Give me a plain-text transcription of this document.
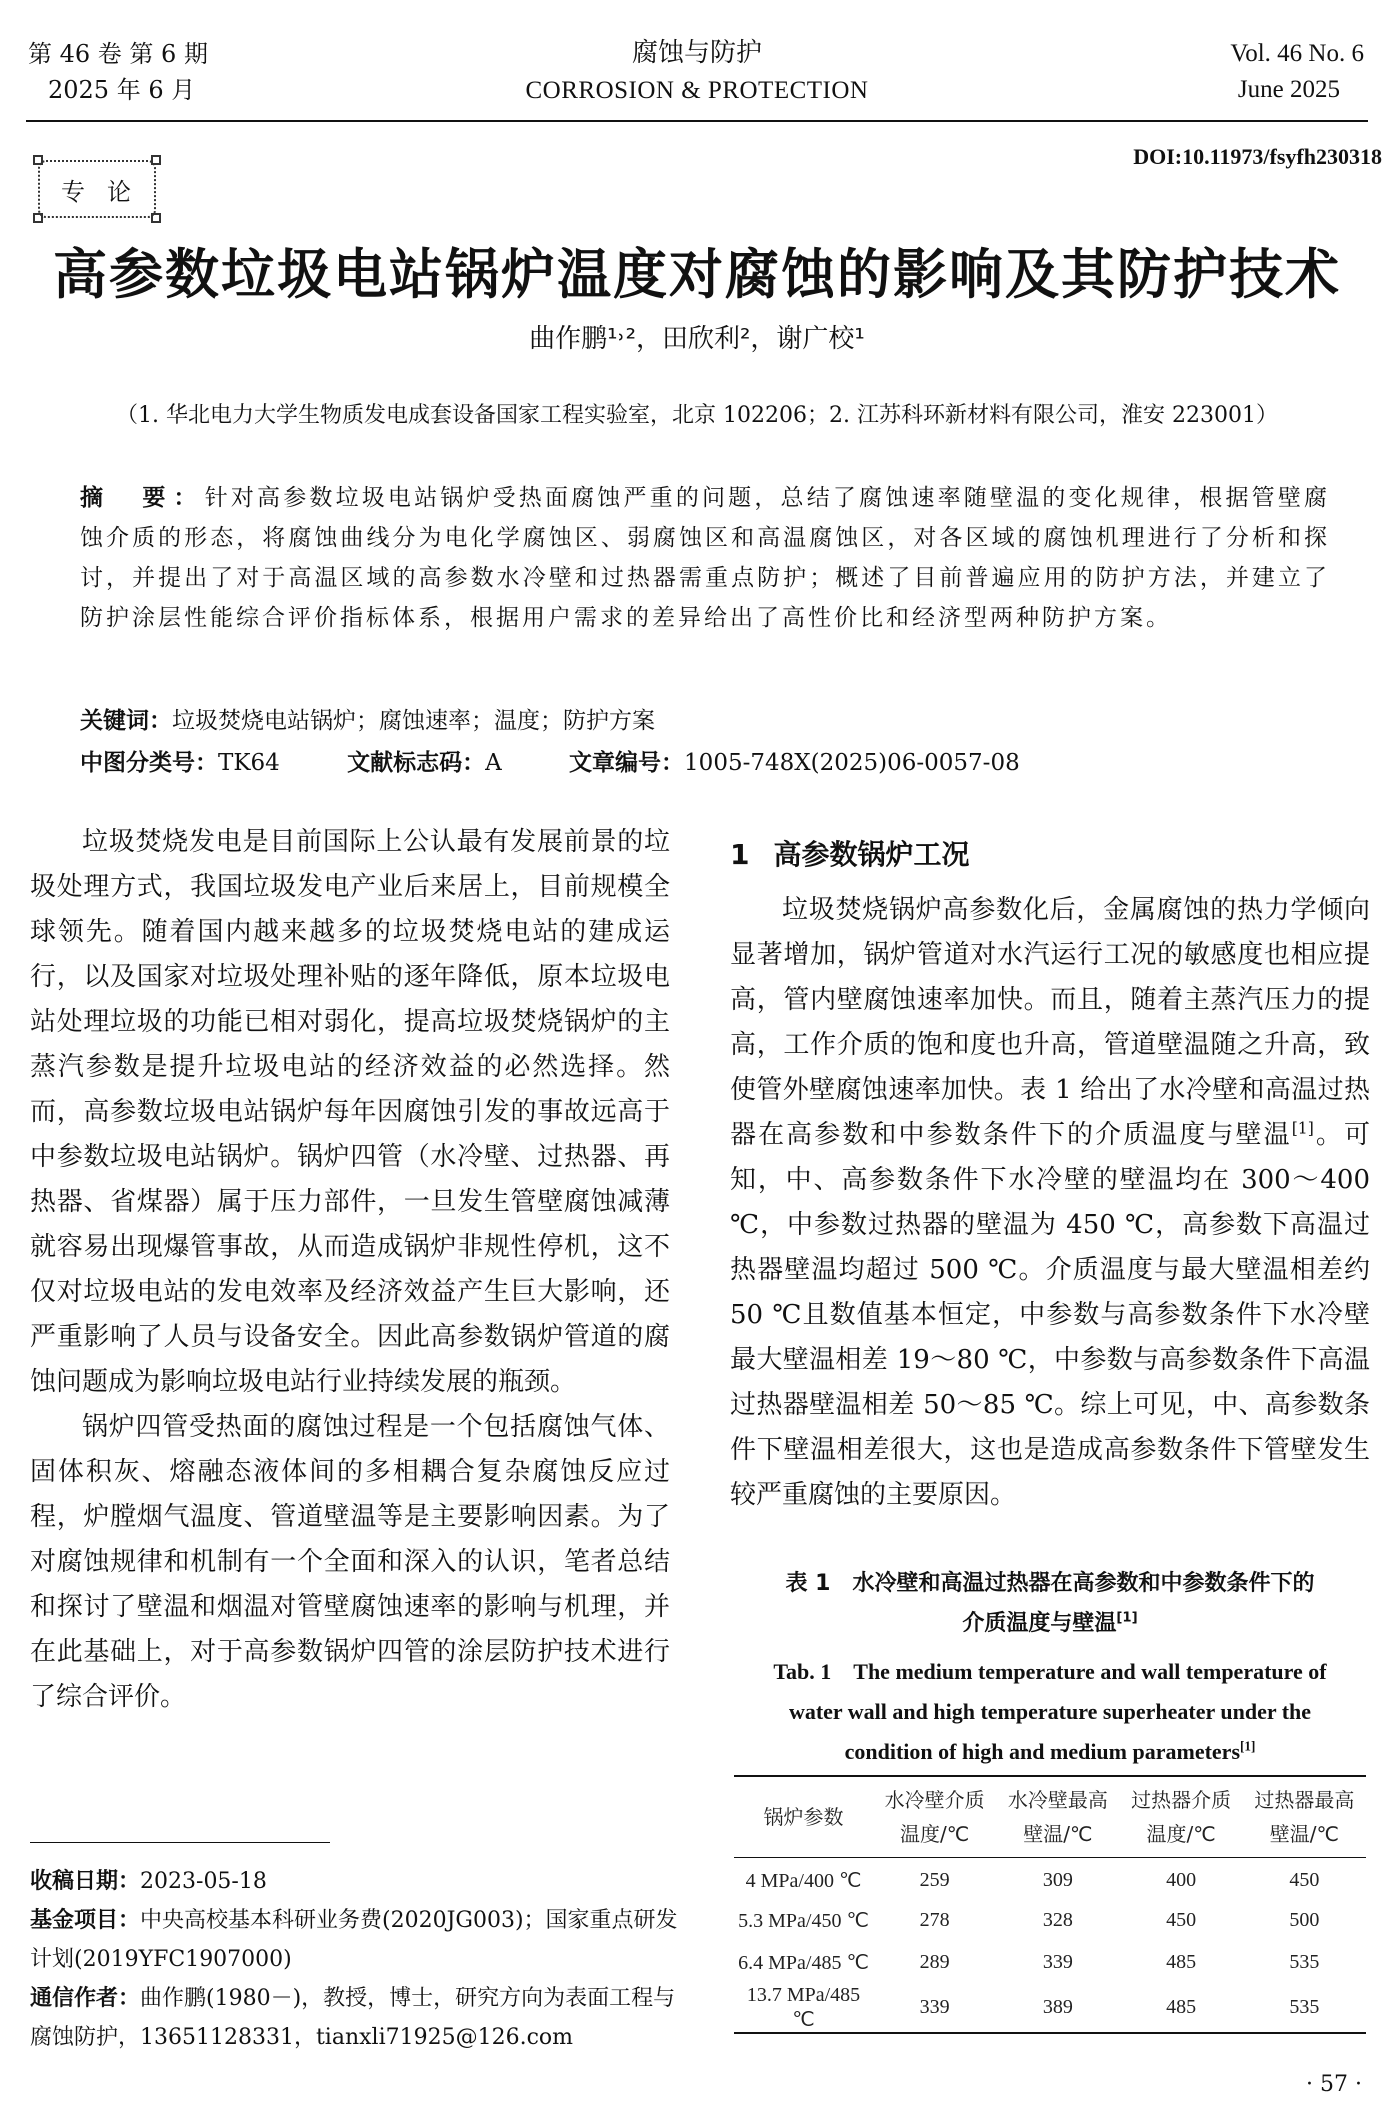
第 46 卷 第 6 期
2025 年 6 月
腐蚀与防护
CORROSION & PROTECTION
Vol. 46 No. 6
June 2025
DOI:10.11973/fsyfh230318
专论
高参数垃圾电站锅炉温度对腐蚀的影响及其防护技术
曲作鹏¹˒²，田欣利²，谢广校¹
（1. 华北电力大学生物质发电成套设备国家工程实验室，北京 102206；2. 江苏科环新材料有限公司，淮安 223001）
摘　要：针对高参数垃圾电站锅炉受热面腐蚀严重的问题，总结了腐蚀速率随壁温的变化规律，根据管壁腐蚀介质的形态，将腐蚀曲线分为电化学腐蚀区、弱腐蚀区和高温腐蚀区，对各区域的腐蚀机理进行了分析和探讨，并提出了对于高温区域的高参数水冷壁和过热器需重点防护；概述了目前普遍应用的防护方法，并建立了防护涂层性能综合评价指标体系，根据用户需求的差异给出了高性价比和经济型两种防护方案。
关键词：垃圾焚烧电站锅炉；腐蚀速率；温度；防护方案
中图分类号：TK64	文献标志码：A	文章编号：1005-748X(2025)06-0057-08

垃圾焚烧发电是目前国际上公认最有发展前景的垃圾处理方式，我国垃圾发电产业后来居上，目前规模全球领先。随着国内越来越多的垃圾焚烧电站的建成运行，以及国家对垃圾处理补贴的逐年降低，原本垃圾电站处理垃圾的功能已相对弱化，提高垃圾焚烧锅炉的主蒸汽参数是提升垃圾电站的经济效益的必然选择。然而，高参数垃圾电站锅炉每年因腐蚀引发的事故远高于中参数垃圾电站锅炉。锅炉四管（水冷壁、过热器、再热器、省煤器）属于压力部件，一旦发生管壁腐蚀减薄就容易出现爆管事故，从而造成锅炉非规性停机，这不仅对垃圾电站的发电效率及经济效益产生巨大影响，还严重影响了人员与设备安全。因此高参数锅炉管道的腐蚀问题成为影响垃圾电站行业持续发展的瓶颈。

锅炉四管受热面的腐蚀过程是一个包括腐蚀气体、固体积灰、熔融态液体间的多相耦合复杂腐蚀反应过程，炉膛烟气温度、管道壁温等是主要影响因素。为了对腐蚀规律和机制有一个全面和深入的认识，笔者总结和探讨了壁温和烟温对管壁腐蚀速率的影响与机理，并在此基础上，对于高参数锅炉四管的涂层防护技术进行了综合评价。

1 高参数锅炉工况

垃圾焚烧锅炉高参数化后，金属腐蚀的热力学倾向显著增加，锅炉管道对水汽运行工况的敏感度也相应提高，管内壁腐蚀速率加快。而且，随着主蒸汽压力的提高，工作介质的饱和度也升高，管道壁温随之升高，致使管外壁腐蚀速率加快。表 1 给出了水冷壁和高温过热器在高参数和中参数条件下的介质温度与壁温[1]。可知，中、高参数条件下水冷壁的壁温均在 300～400 ℃，中参数过热器的壁温为 450 ℃，高参数下高温过热器壁温均超过 500 ℃。介质温度与最大壁温相差约 50 ℃且数值基本恒定，中参数与高参数条件下水冷壁最大壁温相差 19～80 ℃，中参数与高参数条件下高温过热器壁温相差 50～85 ℃。综上可见，中、高参数条件下壁温相差很大，这也是造成高参数条件下管壁发生较严重腐蚀的主要原因。

表 1　水冷壁和高温过热器在高参数和中参数条件下的
介质温度与壁温[1]
Tab. 1　The medium temperature and wall temperature of
water wall and high temperature superheater under the
condition of high and medium parameters[1]
锅炉参数	水冷壁介质温度/℃	水冷壁最高壁温/℃	过热器介质温度/℃	过热器最高壁温/℃
4 MPa/400 ℃	259	309	400	450
5.3 MPa/450 ℃	278	328	450	500
6.4 MPa/485 ℃	289	339	485	535
13.7 MPa/485 ℃	339	389	485	535
收稿日期：2023-05-18
基金项目：中央高校基本科研业务费(2020JG003)；国家重点研发计划(2019YFC1907000)
通信作者：曲作鹏(1980－)，教授，博士，研究方向为表面工程与腐蚀防护，13651128331，tianxli71925@126.com
· 57 ·
